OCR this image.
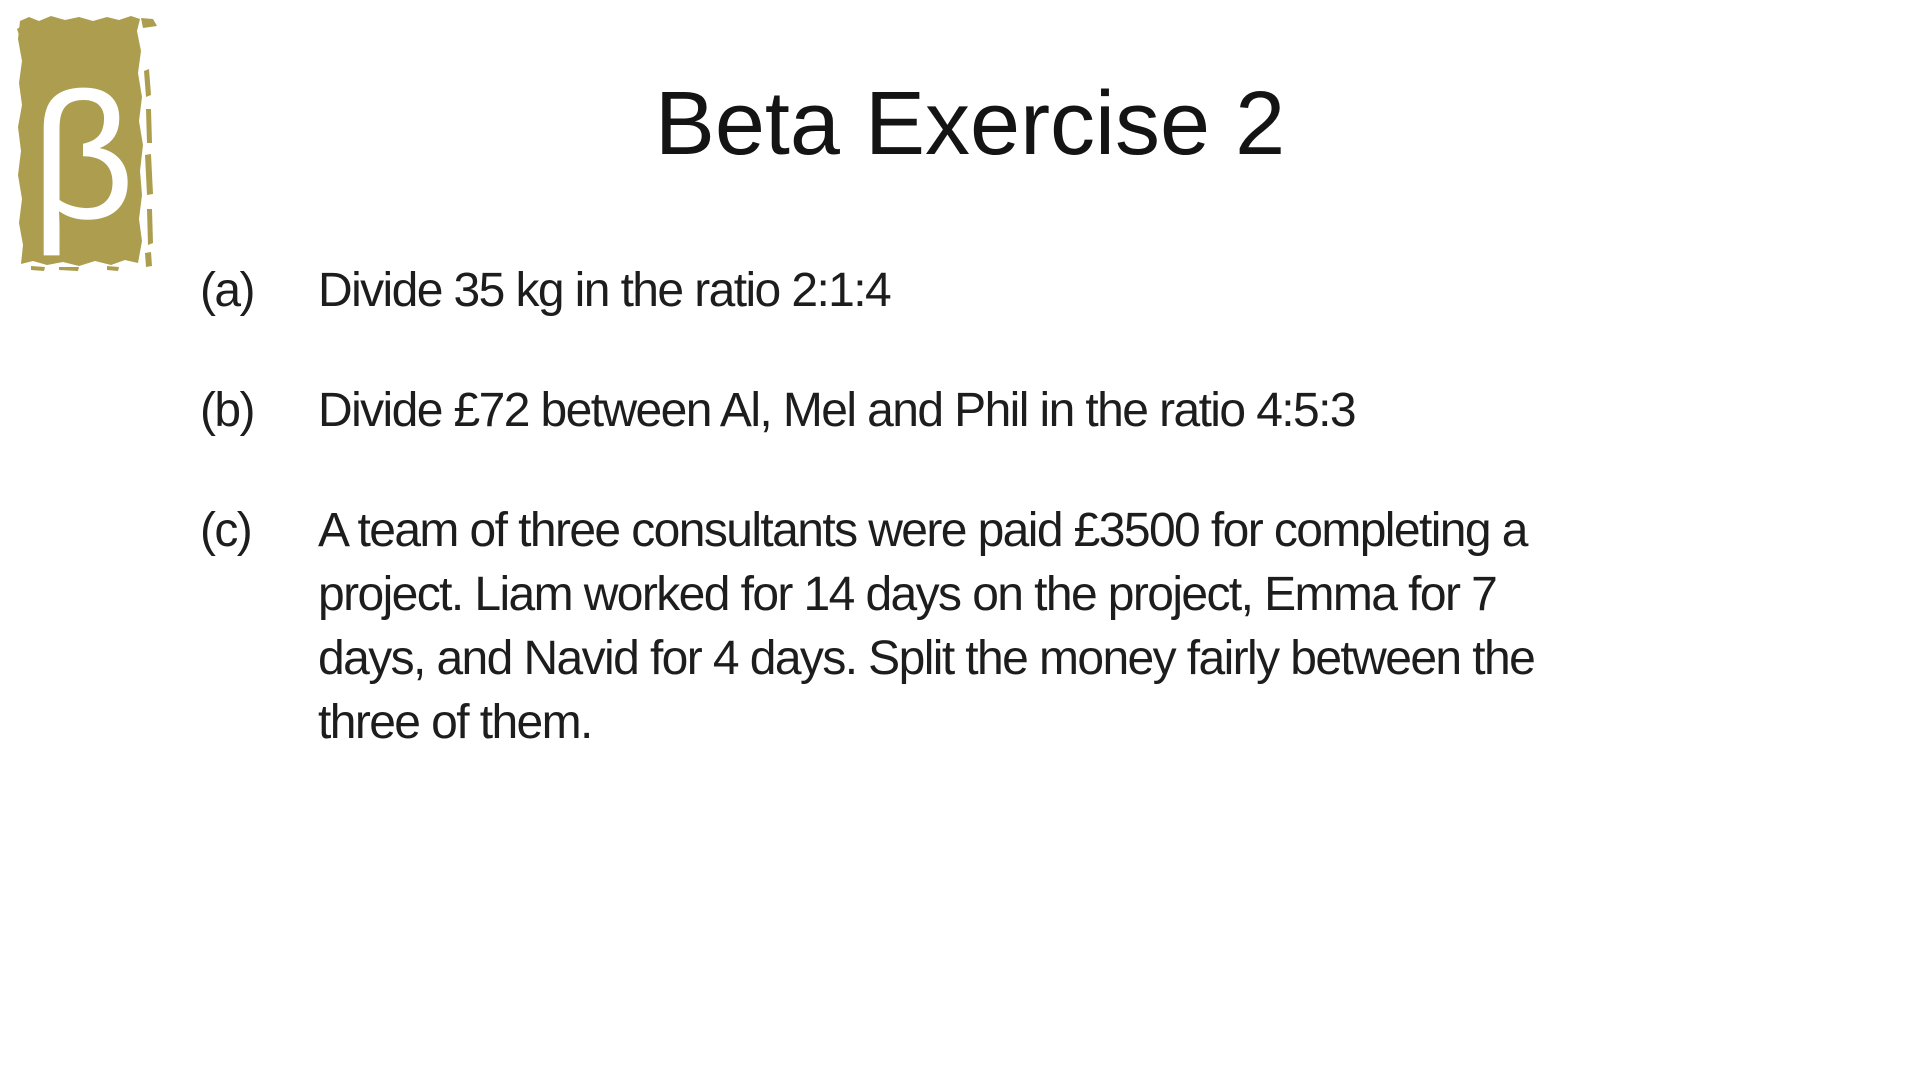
β	Beta Exercise 2
(a)	Divide 35 kg in the ratio 2:1:4
(b)	Divide £72 between Al, Mel and Phil in the ratio 4:5:3
(c)	A team of three consultants were paid £3500 for completing a
project. Liam worked for 14 days on the project, Emma for 7
days, and Navid for 4 days. Split the money fairly between the
three of them.
